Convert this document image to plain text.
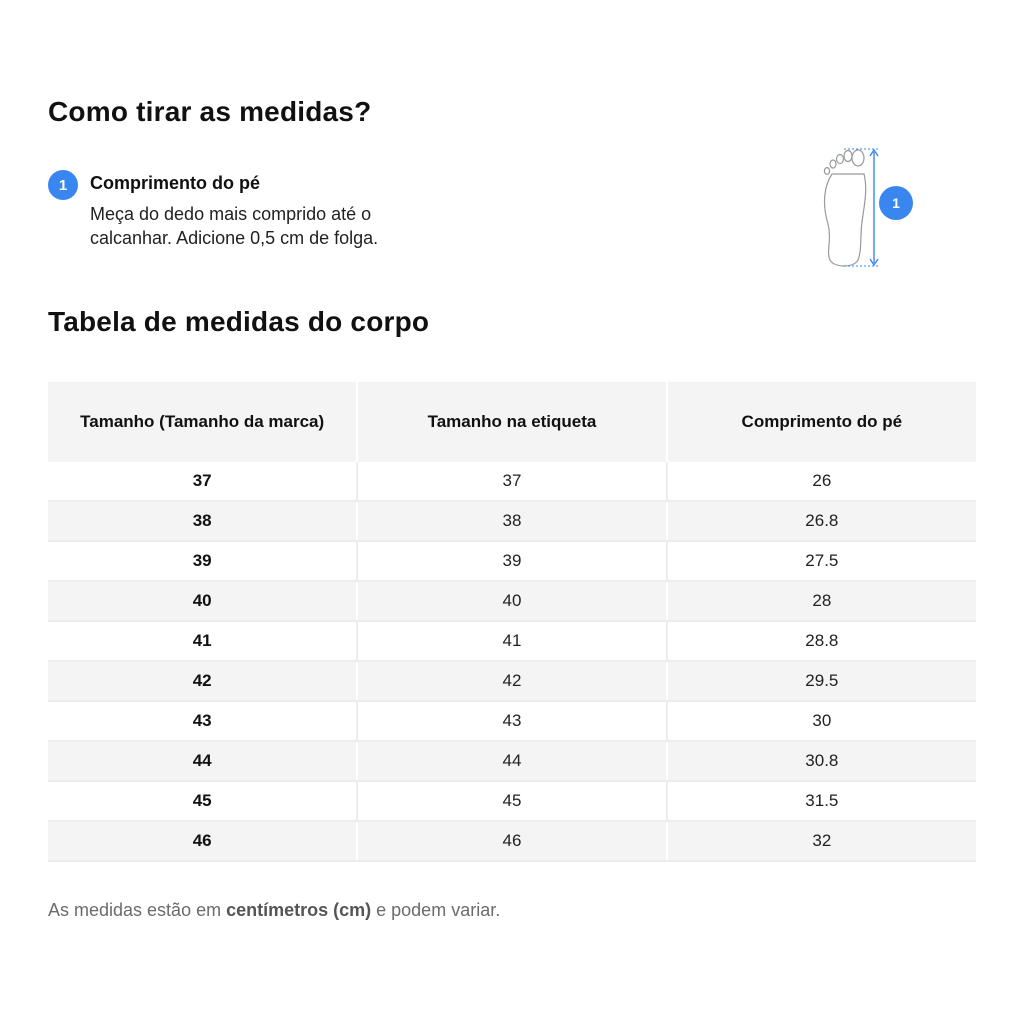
Como tirar as medidas?
1	Comprimento do pé
Meça do dedo mais comprido até o calcanhar. Adicione 0,5 cm de folga.
1
Tabela de medidas do corpo
Tamanho (Tamanho da marca)	Tamanho na etiqueta	Comprimento do pé
37	37	26
38	38	26.8
39	39	27.5
40	40	28
41	41	28.8
42	42	29.5
43	43	30
44	44	30.8
45	45	31.5
46	46	32
As medidas estão em centímetros (cm) e podem variar.
